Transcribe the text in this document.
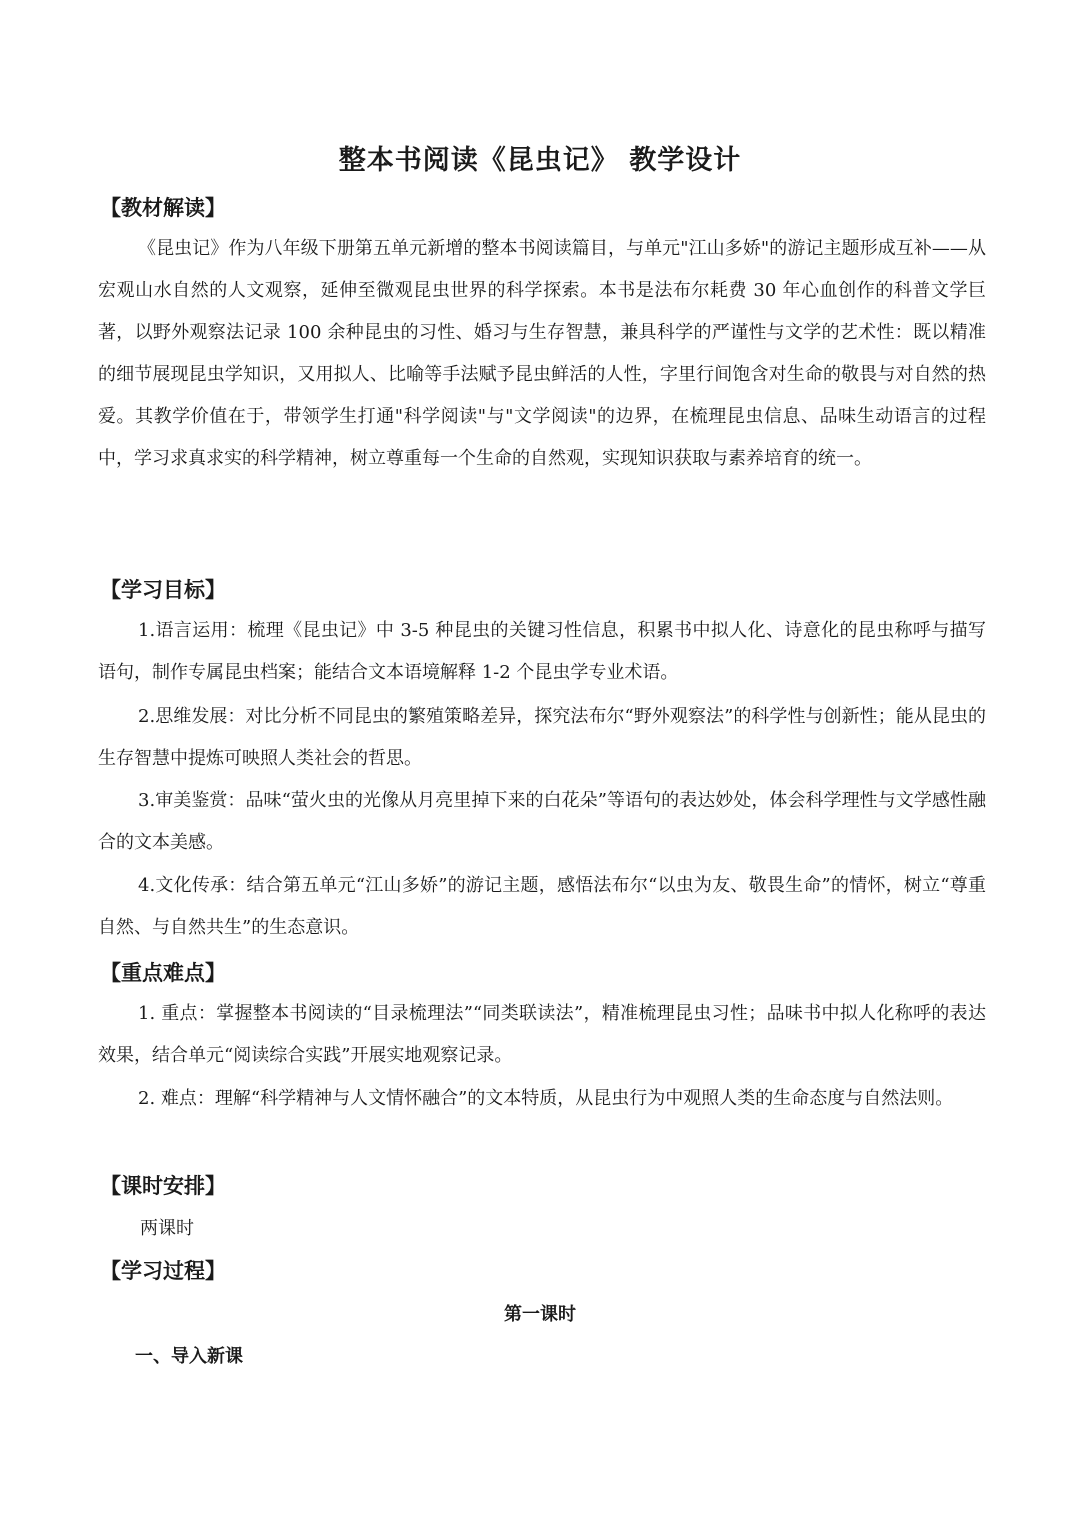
整本书阅读《昆虫记》 教学设计
【教材解读】

《昆虫记》作为八年级下册第五单元新增的整本书阅读篇目，与单元"江山多娇"的游记主题形成互补——从宏观山水自然的人文观察，延伸至微观昆虫世界的科学探索。本书是法布尔耗费 30 年心血创作的科普文学巨著，以野外观察法记录 100 余种昆虫的习性、婚习与生存智慧，兼具科学的严谨性与文学的艺术性：既以精准的细节展现昆虫学知识，又用拟人、比喻等手法赋予昆虫鲜活的人性，字里行间饱含对生命的敬畏与对自然的热爱。其教学价值在于，带领学生打通"科学阅读"与"文学阅读"的边界，在梳理昆虫信息、品味生动语言的过程中，学习求真求实的科学精神，树立尊重每一个生命的自然观，实现知识获取与素养培育的统一。

【学习目标】

1.语言运用：梳理《昆虫记》中 3-5 种昆虫的关键习性信息，积累书中拟人化、诗意化的昆虫称呼与描写语句，制作专属昆虫档案；能结合文本语境解释 1-2 个昆虫学专业术语。

2.思维发展：对比分析不同昆虫的繁殖策略差异，探究法布尔“野外观察法”的科学性与创新性；能从昆虫的生存智慧中提炼可映照人类社会的哲思。

3.审美鉴赏：品味“萤火虫的光像从月亮里掉下来的白花朵”等语句的表达妙处，体会科学理性与文学感性融合的文本美感。

4.文化传承：结合第五单元“江山多娇”的游记主题，感悟法布尔“以虫为友、敬畏生命”的情怀，树立“尊重自然、与自然共生”的生态意识。

【重点难点】

1. 重点：掌握整本书阅读的“目录梳理法”“同类联读法”，精准梳理昆虫习性；品味书中拟人化称呼的表达效果，结合单元“阅读综合实践”开展实地观察记录。

2. 难点：理解“科学精神与人文情怀融合”的文本特质，从昆虫行为中观照人类的生命态度与自然法则。

【课时安排】
两课时
【学习过程】
第一课时
一、导入新课
